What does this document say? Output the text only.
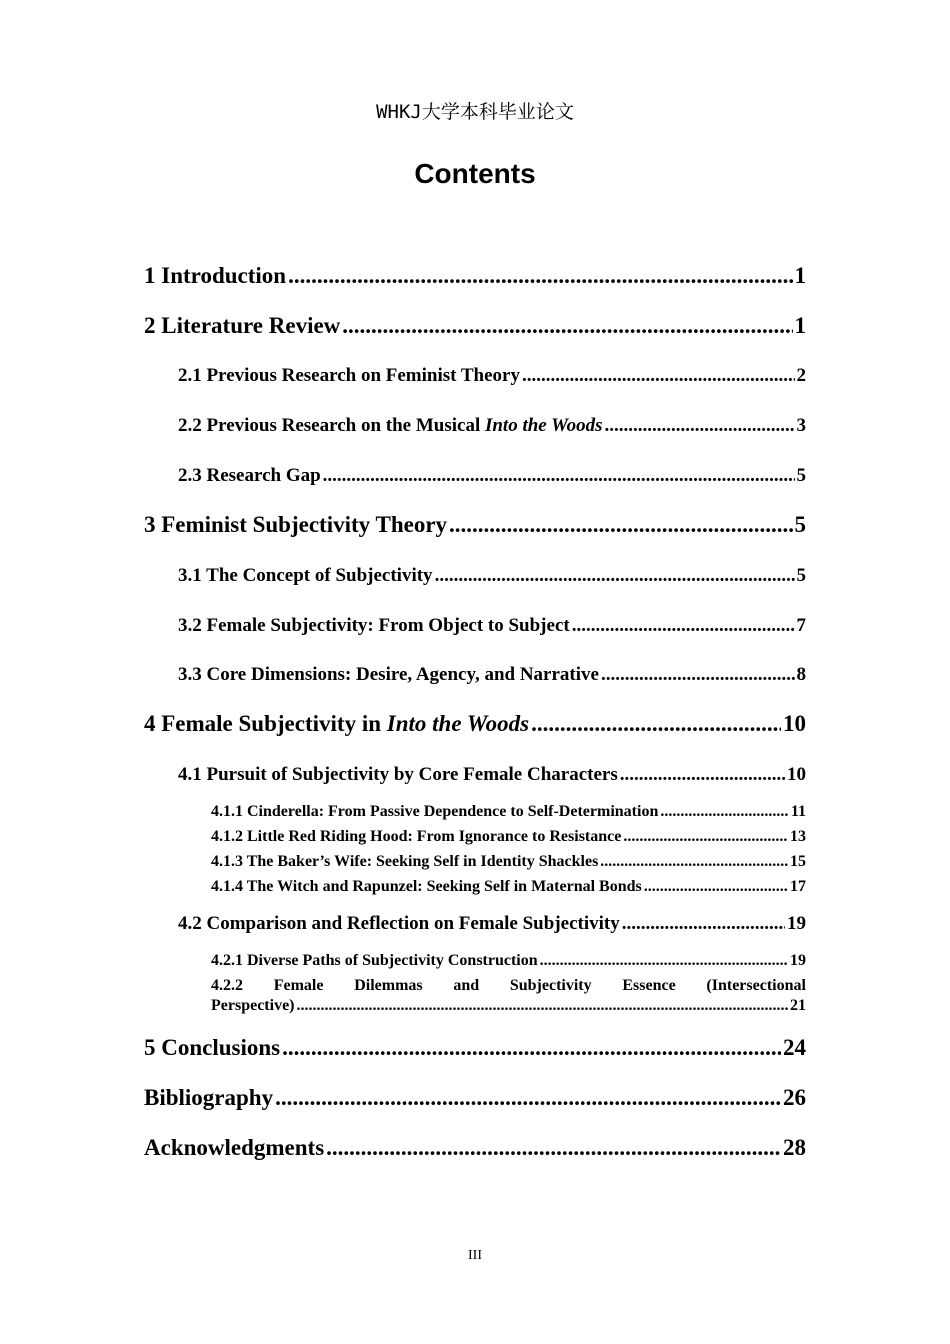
WHKJ大学本科毕业论文
Contents
1 Introduction .....	1
2 Literature Review .....	1
2.1 Previous Research on Feminist Theory .....	2
2.2 Previous Research on the Musical Into the Woods .....	3
2.3 Research Gap .....	5
3 Feminist Subjectivity Theory .....	5
3.1 The Concept of Subjectivity .....	5
3.2 Female Subjectivity: From Object to Subject .....	7
3.3 Core Dimensions: Desire, Agency, and Narrative .....	8
4 Female Subjectivity in Into the Woods .....	10
4.1 Pursuit of Subjectivity by Core Female Characters .....	10
4.1.1 Cinderella: From Passive Dependence to Self-Determination .....	11
4.1.2 Little Red Riding Hood: From Ignorance to Resistance .....	13
4.1.3 The Baker’s Wife: Seeking Self in Identity Shackles .....	15
4.1.4 The Witch and Rapunzel: Seeking Self in Maternal Bonds .....	17
4.2 Comparison and Reflection on Female Subjectivity .....	19
4.2.1 Diverse Paths of Subjectivity Construction .....	19
4.2.2 Female Dilemmas and Subjectivity Essence (Intersectional
Perspective) .....	21
5 Conclusions .....	24
Bibliography .....	26
Acknowledgments .....	28
III
